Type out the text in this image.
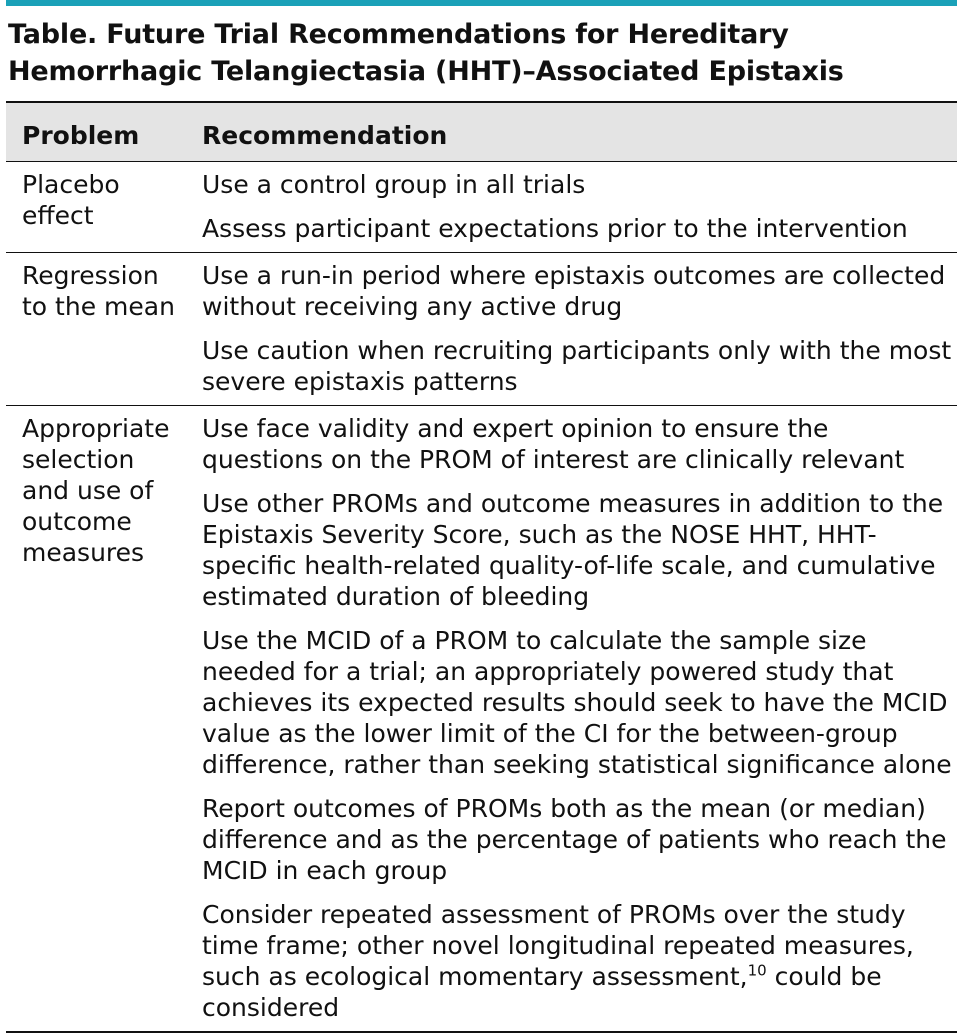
Table. Future Trial Recommendations for Hereditary Hemorrhagic Telangiectasia (HHT)–Associated Epistaxis
Problem	Recommendation
Placebo effect	Use a control group in all trials
Assess participant expectations prior to the intervention

Regression to the mean	Use a run-in period where epistaxis outcomes are collected without receiving any active drug
Use caution when recruiting participants only with the most severe epistaxis patterns

Appropriate selection and use of outcome measures	Use face validity and expert opinion to ensure the questions on the PROM of interest are clinically relevant
Use other PROMs and outcome measures in addition to the Epistaxis Severity Score, such as the NOSE HHT, HHT-specific health-related quality-of-life scale, and cumulative estimated duration of bleeding
Use the MCID of a PROM to calculate the sample size needed for a trial; an appropriately powered study that achieves its expected results should seek to have the MCID value as the lower limit of the CI for the between-group difference, rather than seeking statistical significance alone
Report outcomes of PROMs both as the mean (or median) difference and as the percentage of patients who reach the MCID in each group
Consider repeated assessment of PROMs over the study time frame; other novel longitudinal repeated measures, such as ecological momentary assessment,$^{10}$ could be considered
